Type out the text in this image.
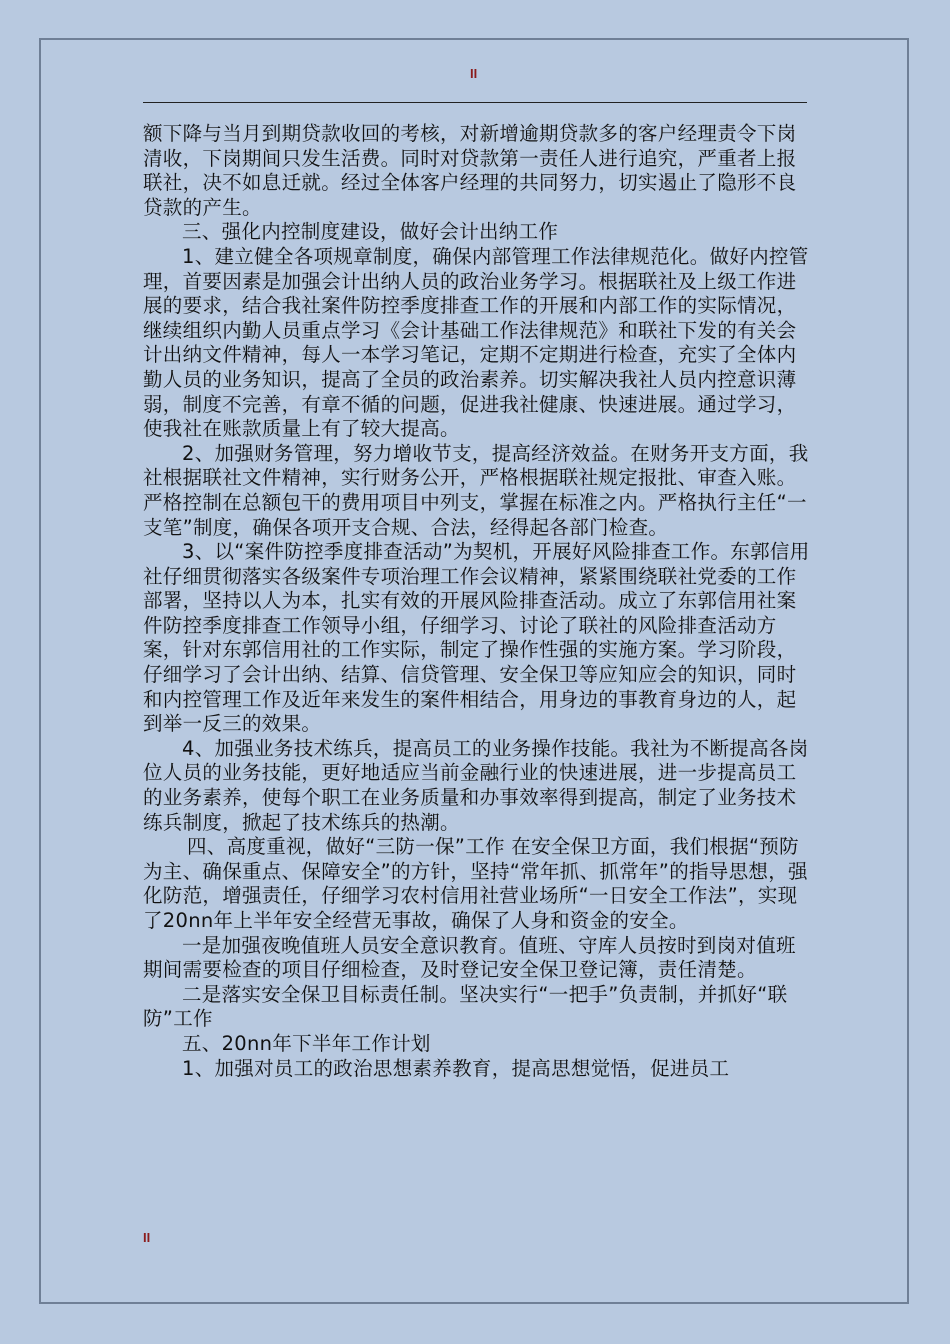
II

额下降与当月到期贷款收回的考核，对新增逾期贷款多的客户经理责令下岗清收，下岗期间只发生活费。同时对贷款第一责任人进行追究，严重者上报联社，决不如息迁就。经过全体客户经理的共同努力，切实遏止了隐形不良贷款的产生。

三、强化内控制度建设，做好会计出纳工作

1、建立健全各项规章制度，确保内部管理工作法律规范化。做好内控管理，首要因素是加强会计出纳人员的政治业务学习。根据联社及上级工作进展的要求，结合我社案件防控季度排查工作的开展和内部工作的实际情况，继续组织内勤人员重点学习《会计基础工作法律规范》和联社下发的有关会计出纳文件精神，每人一本学习笔记，定期不定期进行检查，充实了全体内勤人员的业务知识，提高了全员的政治素养。切实解决我社人员内控意识薄弱，制度不完善，有章不循的问题，促进我社健康、快速进展。通过学习，使我社在账款质量上有了较大提高。

2、加强财务管理，努力增收节支，提高经济效益。在财务开支方面，我社根据联社文件精神，实行财务公开，严格根据联社规定报批、审查入账。严格控制在总额包干的费用项目中列支，掌握在标准之内。严格执行主任“一支笔”制度，确保各项开支合规、合法，经得起各部门检查。

3、以“案件防控季度排查活动”为契机，开展好风险排查工作。东郭信用社仔细贯彻落实各级案件专项治理工作会议精神，紧紧围绕联社党委的工作部署，坚持以人为本，扎实有效的开展风险排查活动。成立了东郭信用社案件防控季度排查工作领导小组，仔细学习、讨论了联社的风险排查活动方案，针对东郭信用社的工作实际，制定了操作性强的实施方案。学习阶段，仔细学习了会计出纳、结算、信贷管理、安全保卫等应知应会的知识，同时和内控管理工作及近年来发生的案件相结合，用身边的事教育身边的人，起到举一反三的效果。

4、加强业务技术练兵，提高员工的业务操作技能。我社为不断提高各岗位人员的业务技能，更好地适应当前金融行业的快速进展，进一步提高员工的业务素养，使每个职工在业务质量和办事效率得到提高，制定了业务技术练兵制度，掀起了技术练兵的热潮。

四、高度重视，做好“三防一保”工作 在安全保卫方面，我们根据“预防为主、确保重点、保障安全”的方针，坚持“常年抓、抓常年”的指导思想，强化防范，增强责任，仔细学习农村信用社营业场所“一日安全工作法”，实现了20nn年上半年安全经营无事故，确保了人身和资金的安全。

一是加强夜晚值班人员安全意识教育。值班、守库人员按时到岗对值班期间需要检查的项目仔细检查，及时登记安全保卫登记簿，责任清楚。

二是落实安全保卫目标责任制。坚决实行“一把手”负责制，并抓好“联防”工作

五、20nn年下半年工作计划

1、加强对员工的政治思想素养教育，提高思想觉悟，促进员工

II
